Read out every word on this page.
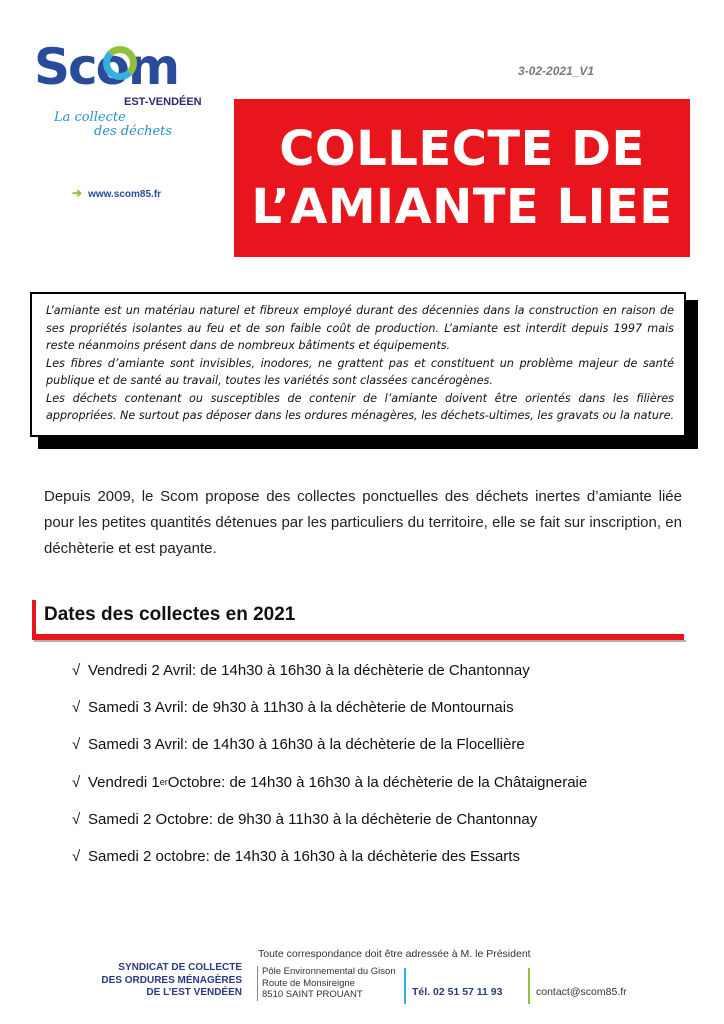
Scom
EST-VENDÉEN
La collecte
des déchets
➔ www.scom85.fr
3-02-2021_V1
COLLECTE DE
L’AMIANTE LIEE

L’amiante est un matériau naturel et fibreux employé durant des décennies dans la construction en raison de ses propriétés isolantes au feu et de son faible coût de production. L’amiante est interdit depuis 1997 mais reste néanmoins présent dans de nombreux bâtiments et équipements.

Les fibres d’amiante sont invisibles, inodores, ne grattent pas et constituent un problème majeur de santé publique et de santé au travail, toutes les variétés sont classées cancérogènes.

Les déchets contenant ou susceptibles de contenir de l’amiante doivent être orientés dans les filières appropriées. Ne surtout pas déposer dans les ordures ménagères, les déchets-ultimes, les gravats ou la nature.

Depuis 2009, le Scom propose des collectes ponctuelles des déchets inertes d’amiante liée pour les petites quantités détenues par les particuliers du territoire, elle se fait sur inscription, en déchèterie et est payante.
Dates des collectes en 2021
√ Vendredi 2 Avril : de 14h30 à 16h30 à la déchèterie de Chantonnay
√ Samedi 3 Avril : de 9h30 à 11h30 à la déchèterie de Montournais
√ Samedi 3 Avril : de 14h30 à 16h30 à la déchèterie de la Flocellière
√ Vendredi 1 er Octobre : de 14h30 à 16h30 à la déchèterie de la Châtaigneraie
√ Samedi 2 Octobre : de 9h30 à 11h30 à la déchèterie de Chantonnay
√ Samedi 2 octobre : de 14h30 à 16h30 à la déchèterie des Essarts
Toute correspondance doit être adressée à M. le Président
SYNDICAT DE COLLECTE
DES ORDURES MÉNAGÈRES
DE L’EST VENDÉEN
Pôle Environnemental du Gison
Route de Monsireigne
8510 SAINT PROUANT	Tél. 02 51 57 11 93	contact@scom85.fr
